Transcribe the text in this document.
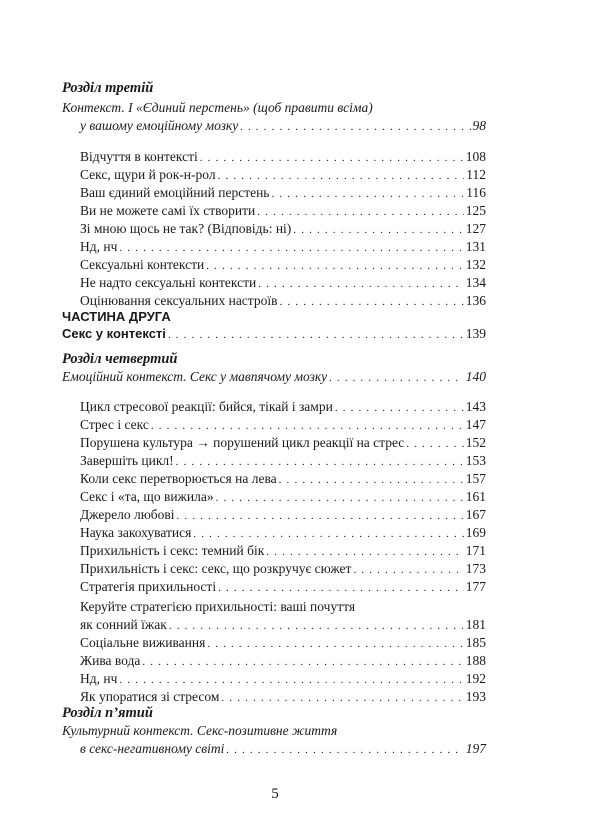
Розділ третій
Контекст. І «Єдиний перстень» (щоб правити всіма)
у вашому емоційному мозку . . .	98
Відчуття в контексті . . .	108
Секс, щури й рок-н-рол . . .	112
Ваш єдиний емоційний перстень . . .	116
Ви не можете самі їх створити . . .	125
Зі мною щось не так? (Відповідь: ні) . . .	127
Нд, нч . . .	131
Сексуальні контексти . . .	132
Не надто сексуальні контексти . . .	134
Оцінювання сексуальних настроїв . . .	136
ЧАСТИНА ДРУГА
Секс у контексті . . .	139
Розділ четвертий
Емоційний контекст. Секс у мавпячому мозку . . .	140
Цикл стресової реакції: бийся, тікай і замри . . .	143
Стрес і секс . . .	147
Порушена культура → порушений цикл реакції на стрес . . .	152
Завершіть цикл! . . .	153
Коли секс перетворюється на лева . . .	157
Секс і «та, що вижила» . . .	161
Джерело любові . . .	167
Наука закохуватися . . .	169
Прихильність і секс: темний бік . . .	171
Прихильність і секс: секс, що розкручує сюжет . . .	173
Стратегія прихильності . . .	177
Керуйте стратегією прихильності: ваші почуття
як сонний їжак . . .	181
Соціальне виживання . . .	185
Жива вода . . .	188
Нд, нч . . .	192
Як упоратися зі стресом . . .	193
Розділ п’ятий
Культурний контекст. Секс-позитивне життя
в секс-негативному світі . . .	197
5
